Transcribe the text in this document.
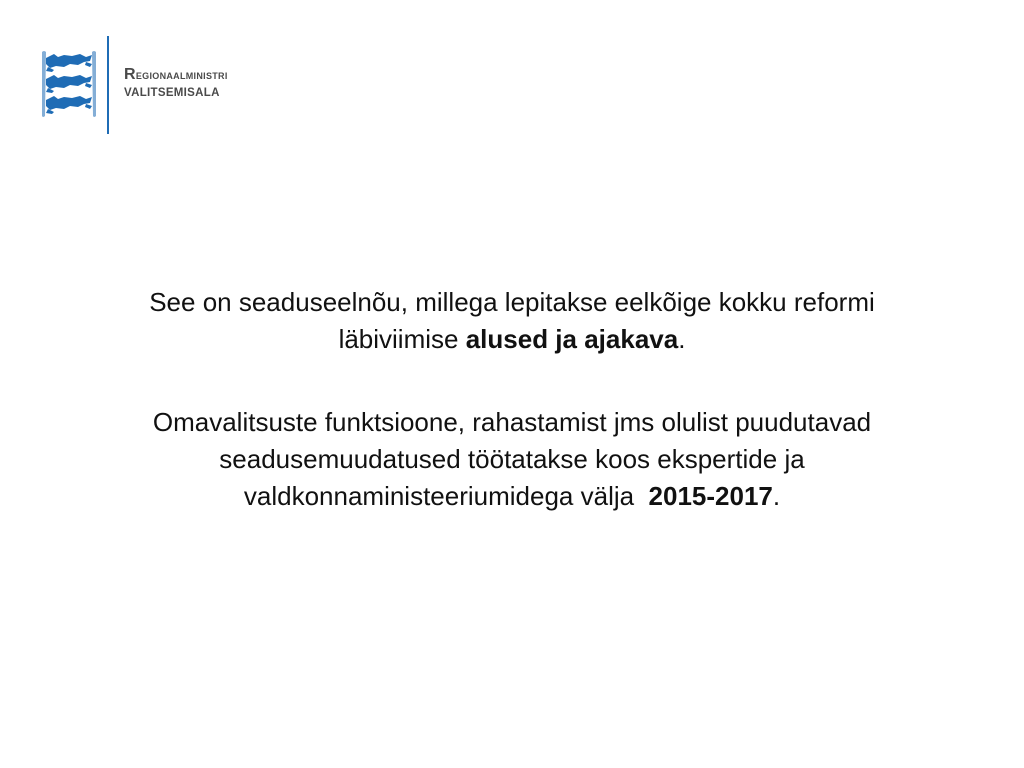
Regionaalministri
VALITSEMISALA

See on seaduseelnõu, millega lepitakse eelkõige kokku reformi
läbiviimise alused ja ajakava.

Omavalitsuste funktsioone, rahastamist jms olulist puudutavad
seadusemuudatused töötatakse koos ekspertide ja
valdkonnaministeeriumidega välja  2015-2017.
